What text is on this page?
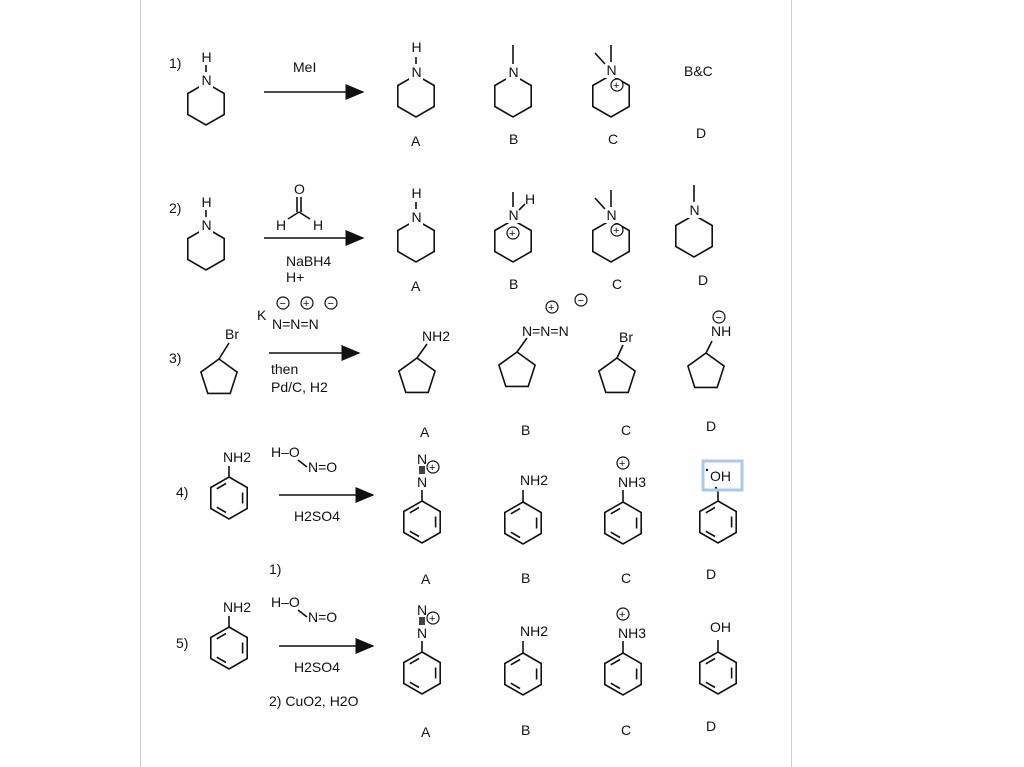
1)
N
H
MeI	N
H
A
N
B
N
+
C
B&C
D
2)
N
H
O
H H
NaBH4
H+
N
H
A
N
H
+
B
N
+
C
N
D
3)
Br
K
N=N=N
− + −
then
Pd/C, H2
NH2
A
N=N=N
+
−
B
Br
C
NH
−
D
4)
NH2 H–O
N=O
H2SO4
N
N
+
A
NH2
B
NH3
+
C
OH
D
1)
5)
NH2 H–O
N=O
H2SO4
2) CuO2, H2O
N
N
+
A
NH2
B
NH3
+
C
OH
D
